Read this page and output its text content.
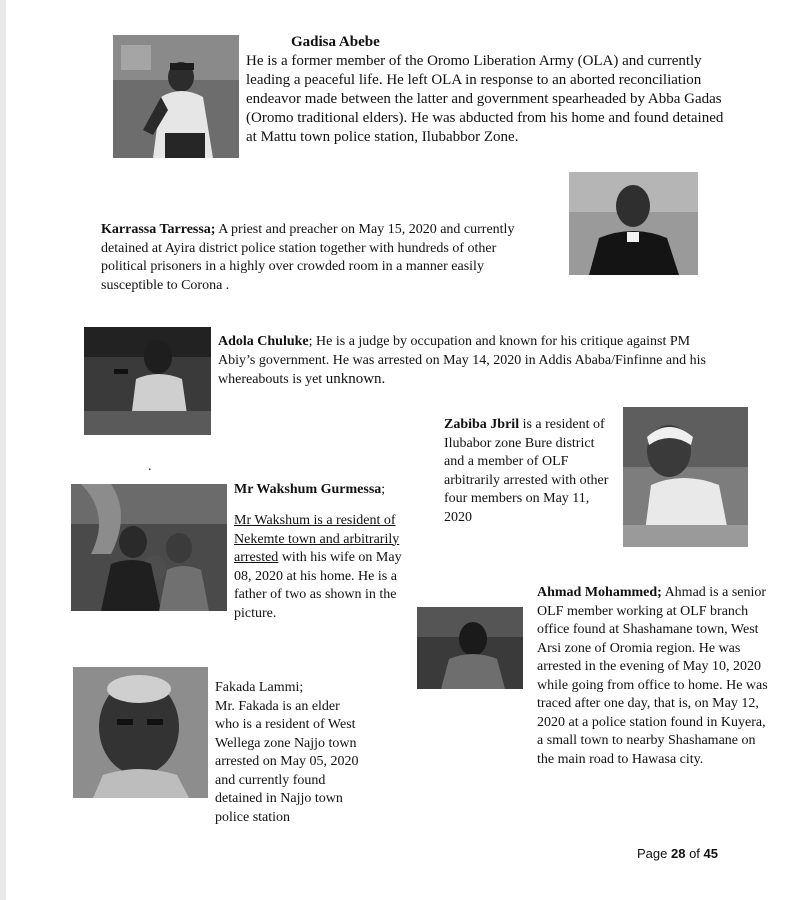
Gadisa Abebe
He is a former member of the Oromo Liberation Army (OLA) and currently leading a peaceful life. He left OLA in response to an aborted reconciliation endeavor made between the latter and government spearheaded by Abba Gadas (Oromo traditional elders). He was abducted from his home and found detained at Mattu town police station, Ilubabbor Zone.
Karrassa Tarressa; A priest and preacher on May 15, 2020 and currently detained at Ayira district police station together with hundreds of other political prisoners in a highly over crowded room in a manner easily susceptible to Corona .
Adola Chuluke; He is a judge by occupation and known for his critique against PM Abiy’s government. He was arrested on May 14, 2020 in Addis Ababa/Finfinne and his whereabouts is yet unknown.
Zabiba Jbril is a resident of Ilubabor zone Bure district and a member of OLF arbitrarily arrested with other four members on May 11, 2020
.
Mr Wakshum Gurmessa;
Mr Wakshum is a resident of Nekemte town and arbitrarily arrested with his wife on May 08, 2020 at his home. He is a father of two as shown in the picture.
Ahmad Mohammed; Ahmad is a senior OLF member working at OLF branch office found at Shashamane town, West Arsi zone of Oromia region. He was arrested in the evening of May 10, 2020 while going from office to home. He was traced after one day, that is, on May 12, 2020 at a police station found in Kuyera, a small town to nearby Shashamane on the main road to Hawasa city.
Fakada Lammi;
Mr. Fakada is an elder who is a resident of West Wellega zone Najjo town arrested on May 05, 2020 and currently found detained in Najjo town police station
Page 28 of 45
